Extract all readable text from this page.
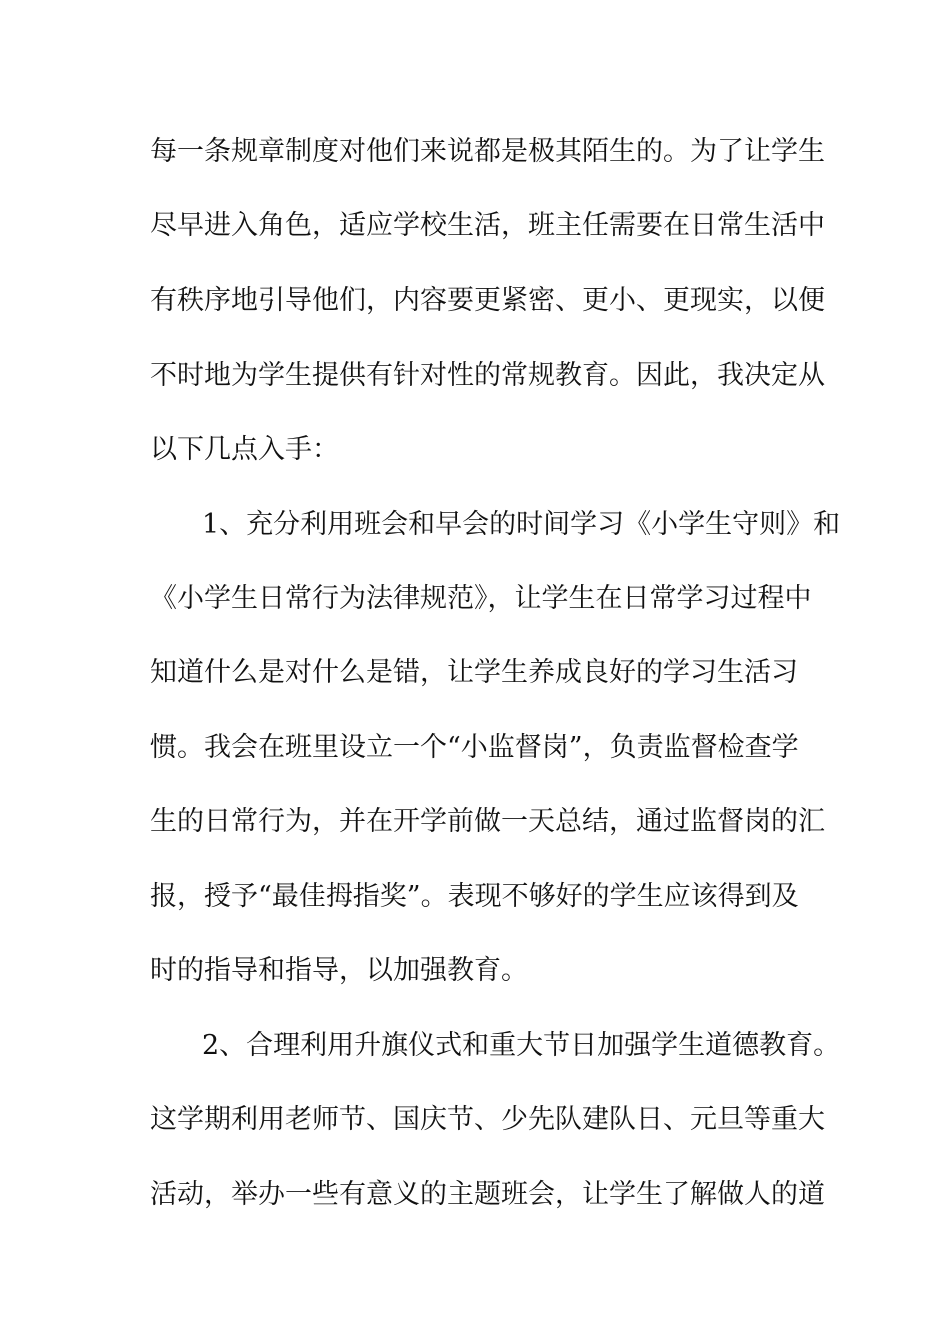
每一条规章制度对他们来说都是极其陌生的。为了让学生
尽早进入角色，适应学校生活，班主任需要在日常生活中
有秩序地引导他们，内容要更紧密、更小、更现实，以便
不时地为学生提供有针对性的常规教育。因此，我决定从
以下几点入手：
1、充分利用班会和早会的时间学习《小学生守则》和
《小学生日常行为法律规范》，让学生在日常学习过程中
知道什么是对什么是错，让学生养成良好的学习生活习
惯。我会在班里设立一个“小监督岗”，负责监督检查学
生的日常行为，并在开学前做一天总结，通过监督岗的汇
报，授予“最佳拇指奖”。表现不够好的学生应该得到及
时的指导和指导，以加强教育。
2、合理利用升旗仪式和重大节日加强学生道德教育。
这学期利用老师节、国庆节、少先队建队日、元旦等重大
活动，举办一些有意义的主题班会，让学生了解做人的道
